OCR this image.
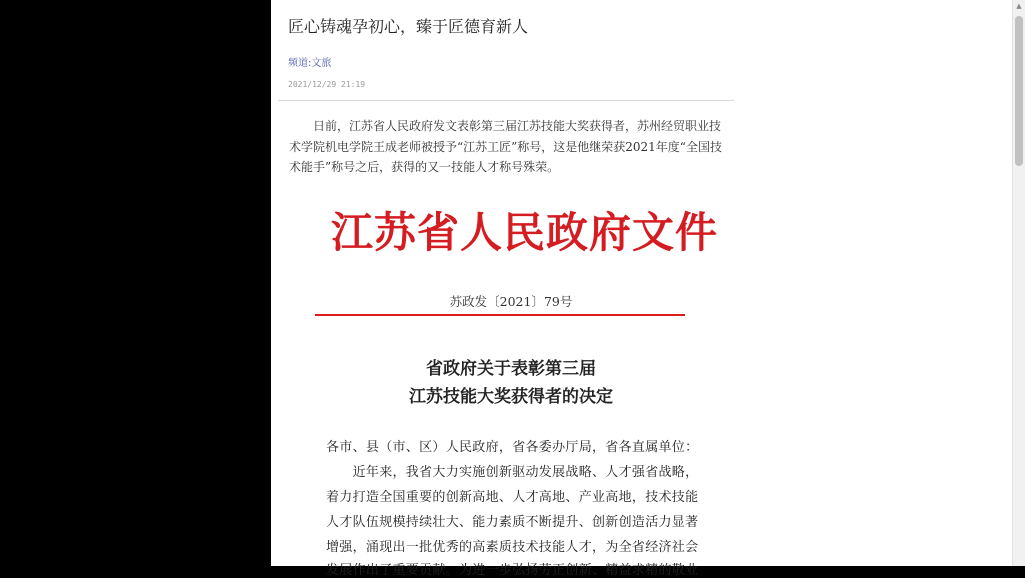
匠心铸魂孕初心，臻于匠德育新人
频道:文旅
2021/12/29 21:19

日前，江苏省人民政府发文表彰第三届江苏技能大奖获得者，苏州经贸职业技术学院机电学院王成老师被授予“江苏工匠”称号，这是他继荣获2021年度“全国技术能手”称号之后，获得的又一技能人才称号殊荣。

江苏省人民政府文件
苏政发〔2021〕79号
省政府关于表彰第三届
江苏技能大奖获得者的决定
各市、县（市、区）人民政府，省各委办厅局，省各直属单位：
　　近年来，我省大力实施创新驱动发展战略、人才强省战略，
着力打造全国重要的创新高地、人才高地、产业高地，技术技能
人才队伍规模持续壮大、能力素质不断提升、创新创造活力显著
增强，涌现出一批优秀的高素质技术技能人才，为全省经济社会
发展作出了重要贡献。为进一步弘扬劳正创新、精益求精的敬业
▲
